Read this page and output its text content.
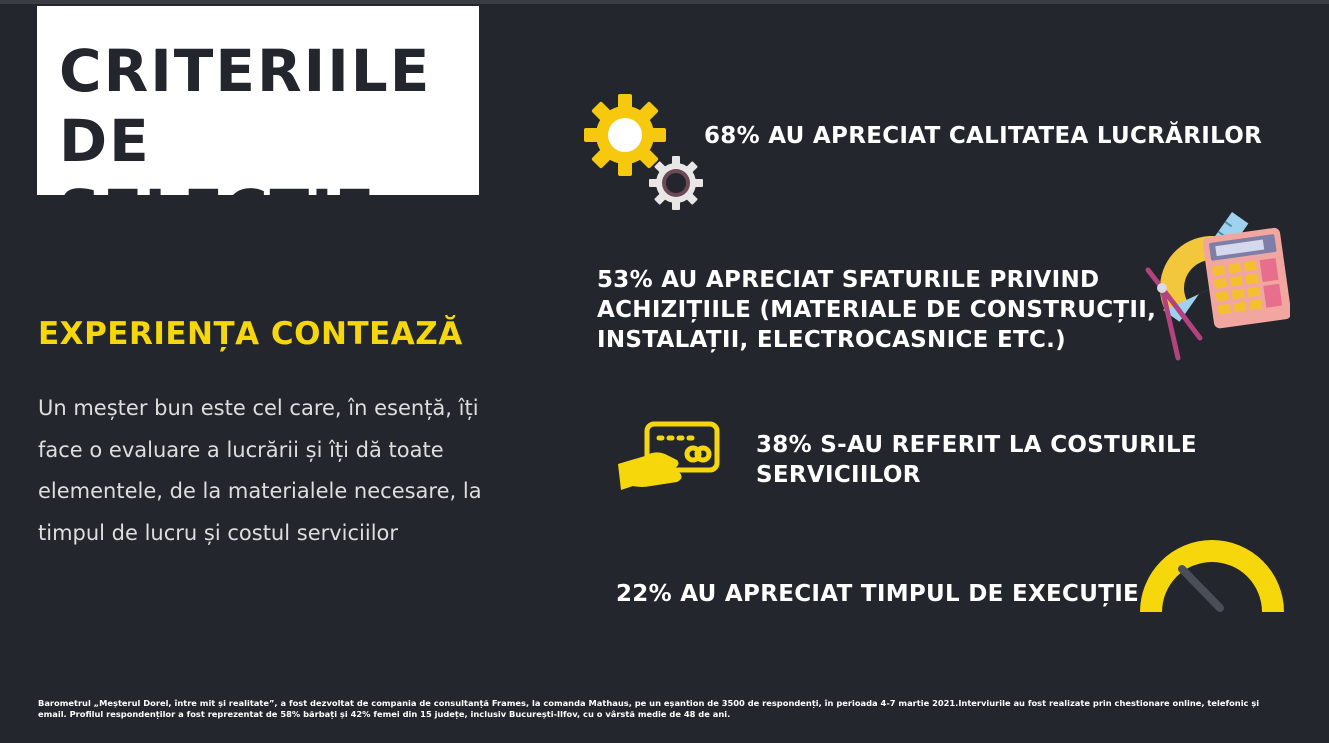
CRITERIILE
DE SELECȚIE
EXPERIENȚA CONTEAZĂ
Un meșter bun este cel care, în esență, îți face o evaluare a lucrării și îți dă toate elementele, de la materialele necesare, la timpul de lucru și costul serviciilor
68% AU APRECIAT CALITATEA LUCRĂRILOR
53% AU APRECIAT SFATURILE PRIVIND ACHIZIȚIILE (MATERIALE DE CONSTRUCȚII, INSTALAȚII, ELECTROCASNICE ETC.)
38% S-AU REFERIT LA COSTURILE SERVICIILOR
22% AU APRECIAT TIMPUL DE EXECUȚIE
Barometrul „Meșterul Dorel, între mit și realitate”, a fost dezvoltat de compania de consultanță Frames, la comanda Mathaus, pe un eșantion de 3500 de respondenți, în perioada 4-7 martie 2021.Interviurile au fost realizate prin chestionare online, telefonic și email. Profilul respondenților a fost reprezentat de 58% bărbați și 42% femei din 15 județe, inclusiv București-Ilfov, cu o vârstă medie de 48 de ani.
